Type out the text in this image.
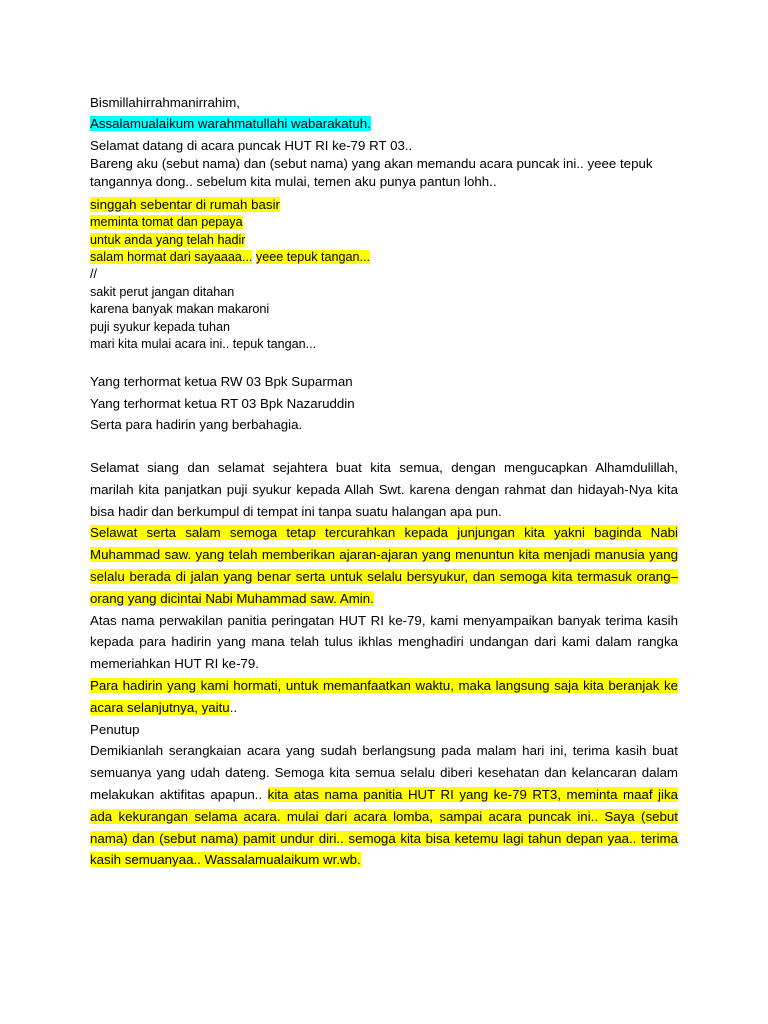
Bismillahirrahmanirrahim,
Assalamualaikum warahmatullahi wabarakatuh.
Selamat datang di acara puncak HUT RI ke-79 RT 03..
Bareng aku (sebut nama) dan (sebut nama) yang akan memandu acara puncak ini.. yeee tepuk
tangannya dong.. sebelum kita mulai, temen aku punya pantun lohh..
singgah sebentar di rumah basir
meminta tomat dan pepaya
untuk anda yang telah hadir
salam hormat dari sayaaaa... yeee tepuk tangan...
//
sakit perut jangan ditahan
karena banyak makan makaroni
puji syukur kepada tuhan
mari kita mulai acara ini.. tepuk tangan...
Yang terhormat ketua RW 03 Bpk Suparman
Yang terhormat ketua RT 03 Bpk Nazaruddin
Serta para hadirin yang berbahagia.
Selamat siang dan selamat sejahtera buat kita semua, dengan mengucapkan Alhamdulillah, marilah kita panjatkan puji syukur kepada Allah Swt. karena dengan rahmat dan hidayah-Nya kita bisa hadir dan berkumpul di tempat ini tanpa suatu halangan apa pun.
Selawat serta salam semoga tetap tercurahkan kepada junjungan kita yakni baginda Nabi Muhammad saw. yang telah memberikan ajaran-ajaran yang menuntun kita menjadi manusia yang selalu berada di jalan yang benar serta untuk selalu bersyukur, dan semoga kita termasuk orang–orang yang dicintai Nabi Muhammad saw. Amin.
Atas nama perwakilan panitia peringatan HUT RI ke-79, kami menyampaikan banyak terima kasih kepada para hadirin yang mana telah tulus ikhlas menghadiri undangan dari kami dalam rangka memeriahkan HUT RI ke-79.
Para hadirin yang kami hormati, untuk memanfaatkan waktu, maka langsung saja kita beranjak ke acara selanjutnya, yaitu..
Penutup
Demikianlah serangkaian acara yang sudah berlangsung pada malam hari ini, terima kasih buat semuanya yang udah dateng. Semoga kita semua selalu diberi kesehatan dan kelancaran dalam melakukan aktifitas apapun.. kita atas nama panitia HUT RI yang ke-79 RT3, meminta maaf jika ada kekurangan selama acara. mulai dari acara lomba, sampai acara puncak ini.. Saya (sebut nama) dan (sebut nama) pamit undur diri.. semoga kita bisa ketemu lagi tahun depan yaa.. terima kasih semuanyaa.. Wassalamualaikum wr.wb.
